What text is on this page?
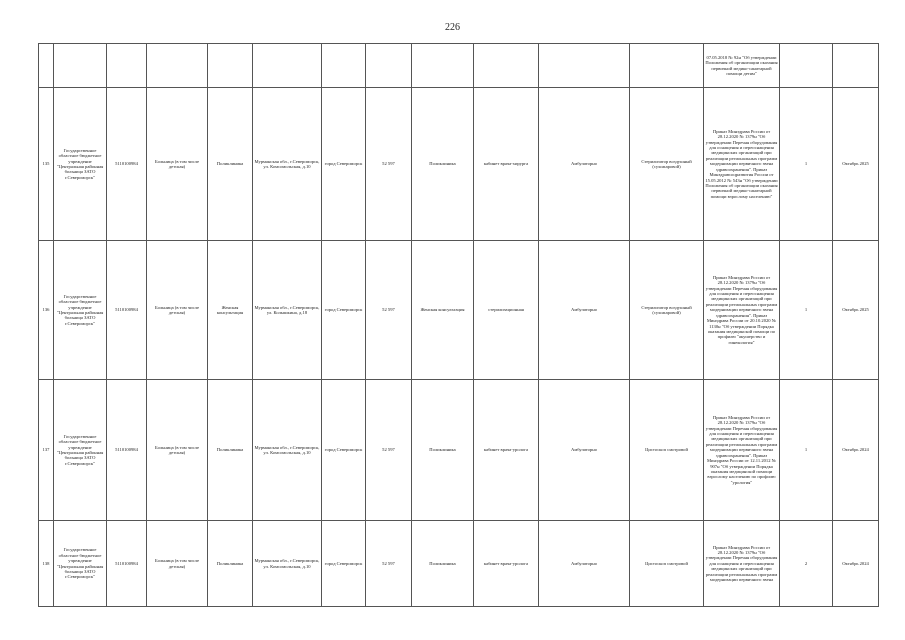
226
												07.05.2018 № 92н "Об утверждении Положения об организации оказания первичной медико-санитарной помощи детям"		
135	Государственное областное бюджетное учреждение "Центральная районная больница ЗАТО г.Североморск"	5110100984	Больница (в том числе детская)	Поликлиника	Мурманская обл., г.Североморск, ул. Комсомольская, д.10	город Североморск	52 597	Поликлиника	кабинет врача-хирурга	Амбулаторно	Стерилизатор воздушный (сухожаровой)	Приказ Минздрава России от 28.12.2020 № 1379н "Об утверждении Перечня оборудования для оснащения и переоснащения медицинских организаций при реализации региональных программ модернизации первичного звена здравоохранения". Приказ Минздравсоцразвития России от 15.05.2012 № 543н "Об утверждении Положения об организации оказания первичной медико-санитарной помощи взрослому населению"	1	Октябрь 2025
136	Государственное областное бюджетное учреждение "Центральная районная больница ЗАТО г.Североморск"	5110100984	Больница (в том числе детская)	Женская консультация	Мурманская обл., г.Североморск, ул. Колышкина, д.18	город Североморск	52 597	Женская консультация	стерилизационная	Амбулаторно	Стерилизатор воздушный (сухожаровой)	Приказ Минздрава России от 28.12.2020 № 1379н "Об утверждении Перечня оборудования для оснащения и переоснащения медицинских организаций при реализации региональных программ модернизации первичного звена здравоохранения". Приказ Минздрава России от 20.10.2020 № 1130н "Об утверждении Порядка оказания медицинской помощи по профилю "акушерство и гинекология"	1	Октябрь 2025
137	Государственное областное бюджетное учреждение "Центральная районная больница ЗАТО г.Североморск"	5110100984	Больница (в том числе детская)	Поликлиника	Мурманская обл., г.Североморск, ул. Комсомольская, д.10	город Североморск	52 597	Поликлиника	кабинет врача-уролога	Амбулаторно	Цистоскоп смотровой	Приказ Минздрава России от 28.12.2020 № 1379н "Об утверждении Перечня оборудования для оснащения и переоснащения медицинских организаций при реализации региональных программ модернизации первичного звена здравоохранения". Приказ Минздрава России от 12.11.2012 № 907н "Об утверждении Порядка оказания медицинской помощи взрослому населению по профилю "урология"	1	Октябрь 2024
138	Государственное областное бюджетное учреждение "Центральная районная больница ЗАТО г.Североморск"	5110100984	Больница (в том числе детская)	Поликлиника	Мурманская обл., г.Североморск, ул. Комсомольская, д.10	город Североморск	52 597	Поликлиника	кабинет врача-уролога	Амбулаторно	Цистоскоп смотровой	Приказ Минздрава России от 28.12.2020 № 1379н "Об утверждении Перечня оборудования для оснащения и переоснащения медицинских организаций при реализации региональных программ модернизации первичного звена	2	Октябрь 2024
